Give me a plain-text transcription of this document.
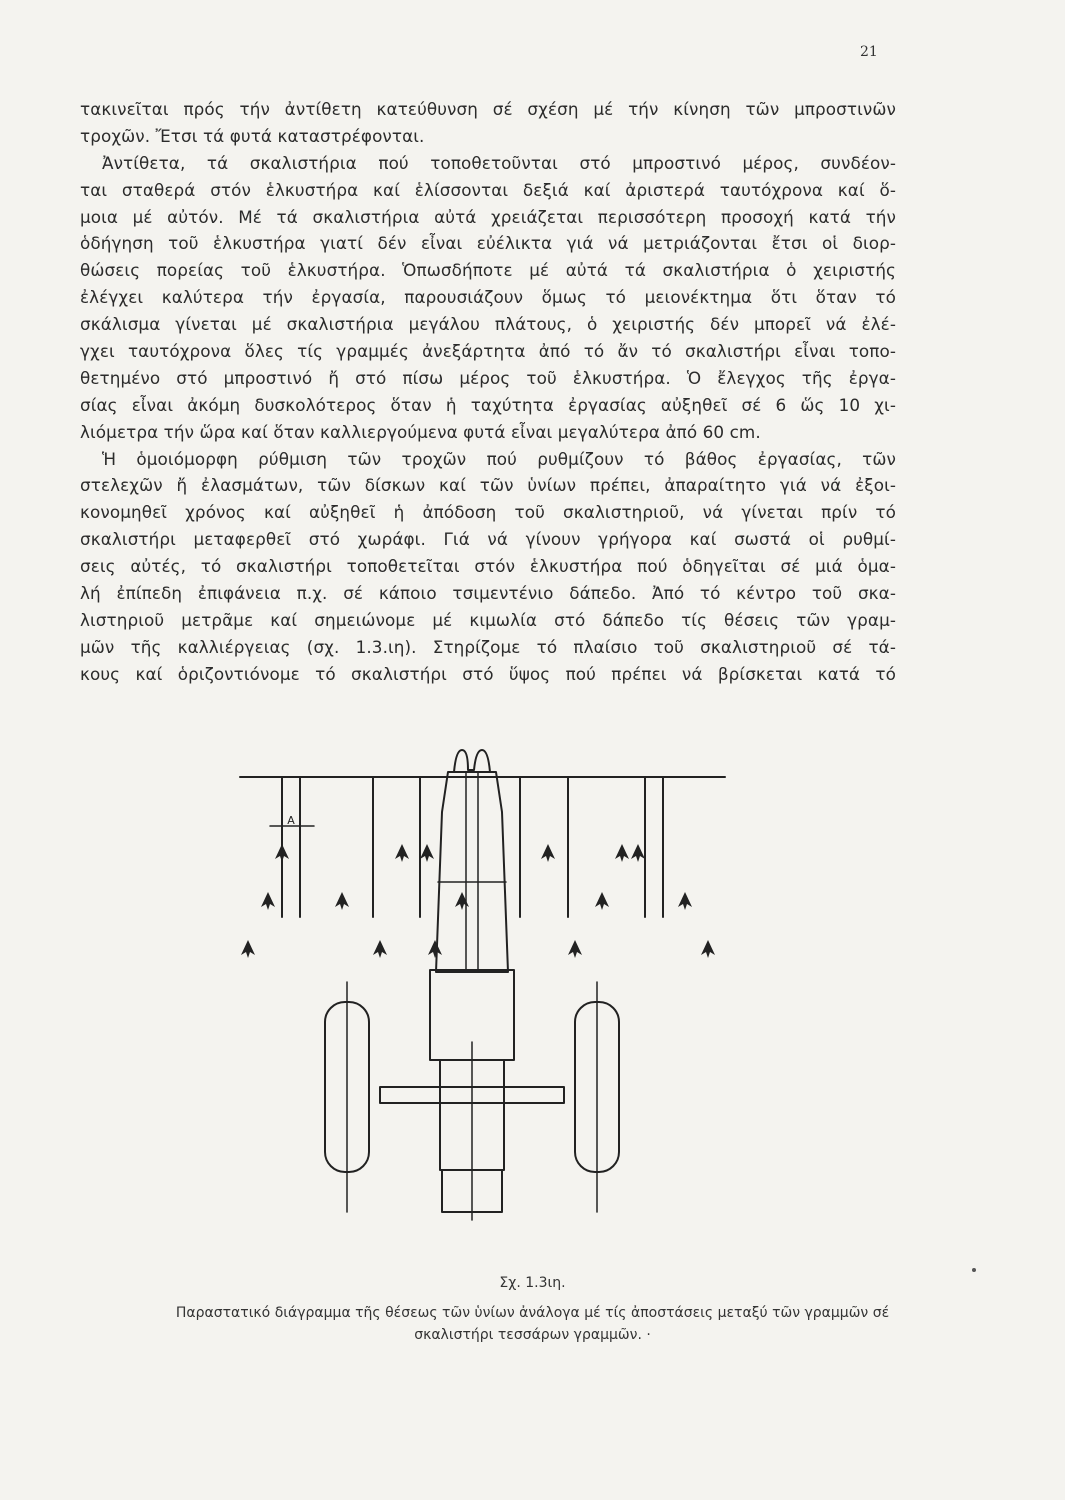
21
τακινεῖται πρός τήν ἀντίθετη κατεύθυνση σέ σχέση μέ τήν κίνηση τῶν μπροστινῶν
τροχῶν. Ἔτσι τά φυτά καταστρέφονται.
Ἀντίθετα, τά σκαλιστήρια πού τοποθετοῦνται στό μπροστινό μέρος, συνδέον-
ται σταθερά στόν ἑλκυστήρα καί ἑλίσσονται δεξιά καί ἀριστερά ταυτόχρονα καί ὅ-
μοια μέ αὐτόν. Μέ τά σκαλιστήρια αὐτά χρειάζεται περισσότερη προσοχή κατά τήν
ὁδήγηση τοῦ ἑλκυστήρα γιατί δέν εἶναι εὐέλικτα γιά νά μετριάζονται ἔτσι οἱ διορ-
θώσεις πορείας τοῦ ἑλκυστήρα. Ὁπωσδήποτε μέ αὐτά τά σκαλιστήρια ὁ χειριστής
ἐλέγχει καλύτερα τήν ἐργασία, παρουσιάζουν ὅμως τό μειονέκτημα ὅτι ὅταν τό
σκάλισμα γίνεται μέ σκαλιστήρια μεγάλου πλάτους, ὁ χειριστής δέν μπορεῖ νά ἐλέ-
γχει ταυτόχρονα ὅλες τίς γραμμές ἀνεξάρτητα ἀπό τό ἄν τό σκαλιστήρι εἶναι τοπο-
θετημένο στό μπροστινό ἤ στό πίσω μέρος τοῦ ἑλκυστήρα. Ὁ ἔλεγχος τῆς ἐργα-
σίας εἶναι ἀκόμη δυσκολότερος ὅταν ἡ ταχύτητα ἐργασίας αὐξηθεῖ σέ 6 ὥς 10 χι-
λιόμετρα τήν ὥρα καί ὅταν καλλιεργούμενα φυτά εἶναι μεγαλύτερα ἀπό 60 cm.
Ἡ ὁμοιόμορφη ρύθμιση τῶν τροχῶν πού ρυθμίζουν τό βάθος ἐργασίας, τῶν
στελεχῶν ἤ ἐλασμάτων, τῶν δίσκων καί τῶν ὑνίων πρέπει, ἀπαραίτητο γιά νά ἐξοι-
κονομηθεῖ χρόνος καί αὐξηθεῖ ἡ ἀπόδοση τοῦ σκαλιστηριοῦ, νά γίνεται πρίν τό
σκαλιστήρι μεταφερθεῖ στό χωράφι. Γιά νά γίνουν γρήγορα καί σωστά οἱ ρυθμί-
σεις αὐτές, τό σκαλιστήρι τοποθετεῖται στόν ἑλκυστήρα πού ὁδηγεῖται σέ μιά ὁμα-
λή ἐπίπεδη ἐπιφάνεια π.χ. σέ κάποιο τσιμεντένιο δάπεδο. Ἀπό τό κέντρο τοῦ σκα-
λιστηριοῦ μετρᾶμε καί σημειώνομε μέ κιμωλία στό δάπεδο τίς θέσεις τῶν γραμ-
μῶν τῆς καλλιέργειας (σχ. 1.3.ιη). Στηρίζομε τό πλαίσιο τοῦ σκαλιστηριοῦ σέ τά-
κους καί ὁριζοντιόνομε τό σκαλιστήρι στό ὕψος πού πρέπει νά βρίσκεται κατά τό
A
Σχ. 1.3ιη.

Παραστατικό διάγραμμα τῆς θέσεως τῶν ὑνίων ἀνάλογα μέ τίς ἀποστάσεις μεταξύ τῶν γραμμῶν σέ
σκαλιστήρι τεσσάρων γραμμῶν. ·
